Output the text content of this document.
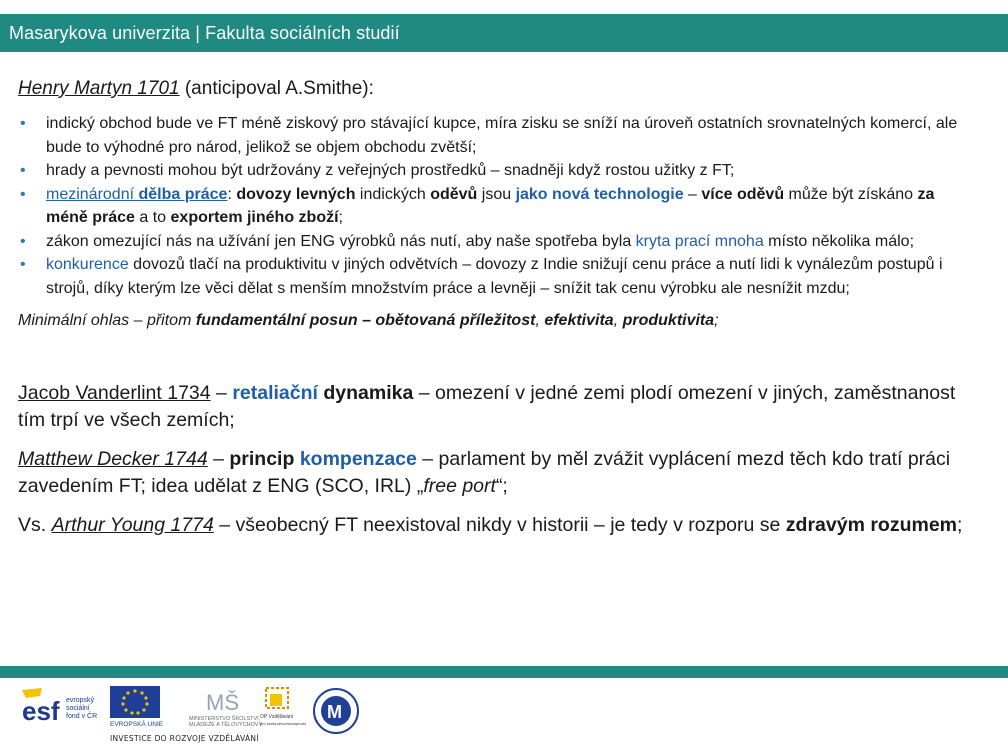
Masarykova univerzita | Fakulta sociálních studií
Henry Martyn 1701 (anticipoval A.Smithe):
• indický obchod bude ve FT méně ziskový pro stávající kupce, míra zisku se sníží na úroveň ostatních srovnatelných komercí, ale bude to výhodné pro národ, jelikož se objem obchodu zvětší;
• hrady a pevnosti mohou být udržovány z veřejných prostředků – snadněji když rostou užitky z FT;
• mezinárodní dělba práce: dovozy levných indických oděvů jsou jako nová technologie – více oděvů může být získáno za méně práce a to exportem jiného zboží;
• zákon omezující nás na užívání jen ENG výrobků nás nutí, aby naše spotřeba byla kryta prací mnoha místo několika málo;
• konkurence dovozů tlačí na produktivitu v jiných odvětvích – dovozy z Indie snižují cenu práce a nutí lidi k vynálezům postupů i strojů, díky kterým lze věci dělat s menším množstvím práce a levněji – snížit tak cenu výrobku ale nesnížit mzdu;
Minimální ohlas – přitom fundamentální posun – obětovaná příležitost, efektivita, produktivita;
Jacob Vanderlint 1734 – retaliační dynamika – omezení v jedné zemi plodí omezení v jiných, zaměstnanost tím trpí ve všech zemích;
Matthew Decker 1744 – princip kompenzace – parlament by měl zvážit vyplácení mezd těch kdo tratí práci zavedením FT; idea udělat z ENG (SCO, IRL) „free port“;
Vs. Arthur Young 1774 – všeobecný FT neexistoval nikdy v historii – je tedy v rozporu se zdravým rozumem;
esf evropský
sociální
fond v ČR
EVROPSKÁ UNIE
MŠ
MINISTERSTVO ŠKOLSTVÍ,
MLÁDEŽE A TĚLOVÝCHOVY
OP Vzdělávání
pro konkurenceschopnost
M
INVESTICE DO ROZVOJE VZDĚLÁVÁNÍ
